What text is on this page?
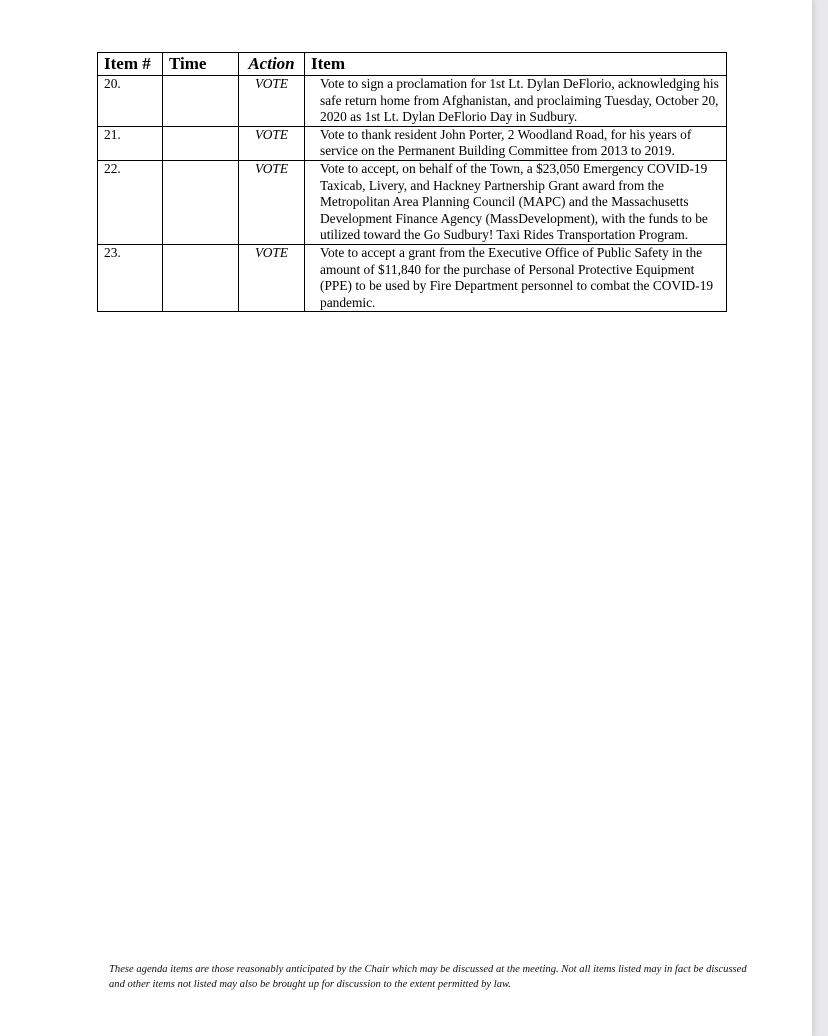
Item #	Time	Action	Item
20.		VOTE	Vote to sign a proclamation for 1st Lt. Dylan DeFlorio, acknowledging his safe return home from Afghanistan, and proclaiming Tuesday, October 20, 2020 as 1st Lt. Dylan DeFlorio Day in Sudbury.
21.		VOTE	Vote to thank resident John Porter, 2 Woodland Road, for his years of service on the Permanent Building Committee from 2013 to 2019.
22.		VOTE	Vote to accept, on behalf of the Town, a $23,050 Emergency COVID-19 Taxicab, Livery, and Hackney Partnership Grant award from the Metropolitan Area Planning Council (MAPC) and the Massachusetts Development Finance Agency (MassDevelopment), with the funds to be utilized toward the Go Sudbury! Taxi Rides Transportation Program.
23.		VOTE	Vote to accept a grant from the Executive Office of Public Safety in the amount of $11,840 for the purchase of Personal Protective Equipment (PPE) to be used by Fire Department personnel to combat the COVID-19 pandemic.
These agenda items are those reasonably anticipated by the Chair which may be discussed at the meeting. Not all items listed may in fact be discussed and other items not listed may also be brought up for discussion to the extent permitted by law.
